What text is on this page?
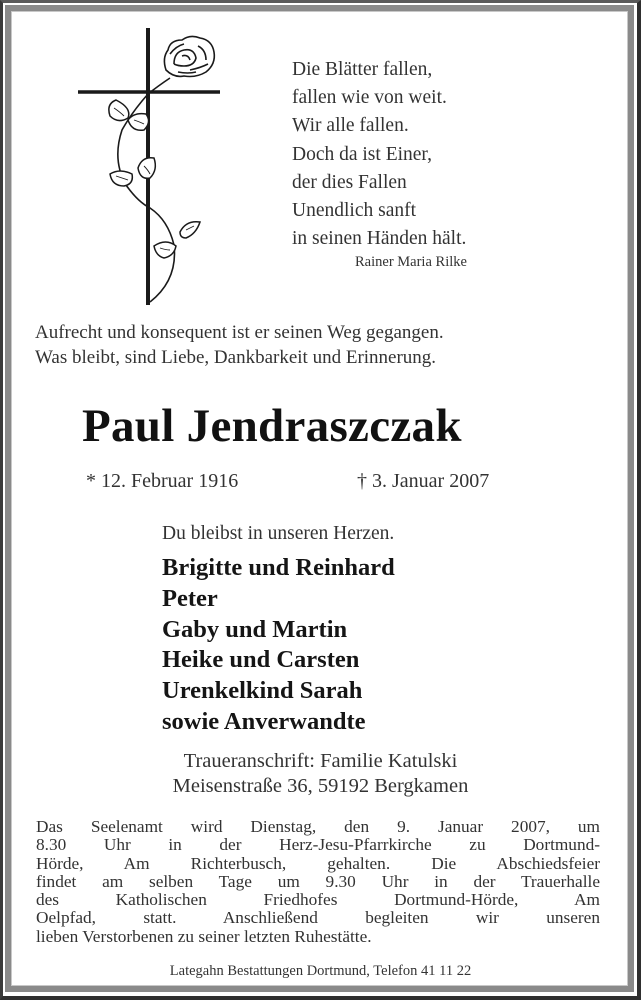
Die Blätter fallen,
fallen wie von weit.
Wir alle fallen.
Doch da ist Einer,
der dies Fallen
Unendlich sanft
in seinen Händen hält.
Rainer Maria Rilke
Aufrecht und konsequent ist er seinen Weg gegangen.
Was bleibt, sind Liebe, Dankbarkeit und Erinnerung.
Paul Jendraszczak
* 12. Februar 1916	† 3. Januar 2007
Du bleibst in unseren Herzen.
Brigitte und Reinhard
Peter
Gaby und Martin
Heike und Carsten
Urenkelkind Sarah
sowie Anverwandte
Traueranschrift: Familie Katulski
Meisenstraße 36, 59192 Bergkamen
Das Seelenamt wird Dienstag, den 9. Januar 2007, um
8.30 Uhr in der Herz-Jesu-Pfarrkirche zu Dortmund-
Hörde, Am Richterbusch, gehalten. Die Abschiedsfeier
findet am selben Tage um 9.30 Uhr in der Trauerhalle
des Katholischen Friedhofes Dortmund-Hörde, Am
Oelpfad, statt. Anschließend begleiten wir unseren
lieben Verstorbenen zu seiner letzten Ruhestätte.
Lategahn Bestattungen Dortmund, Telefon 41 11 22
